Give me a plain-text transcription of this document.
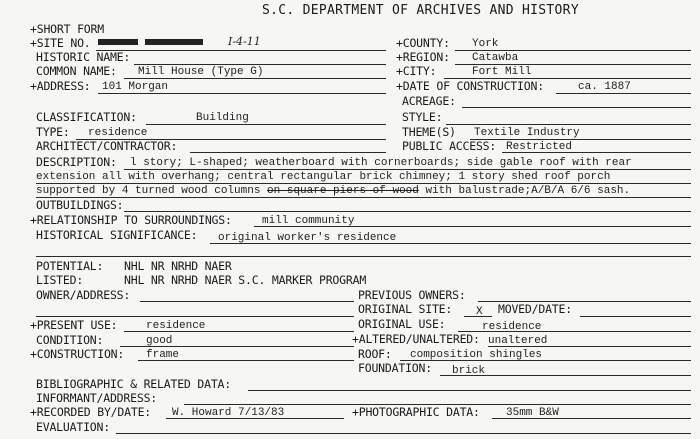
S.C. DEPARTMENT OF ARCHIVES AND HISTORY
+SHORT FORM
+SITE NO.
	I-4-11	+COUNTY: York
HISTORIC NAME:	+REGION: Catawba
COMMON NAME: Mill House (Type G)	+CITY:	Fort Mill
+ADDRESS: 101 Morgan	+DATE OF CONSTRUCTION:	ca. 1887
ACREAGE:
CLASSIFICATION:	Building	STYLE:
TYPE: residence	THEME(S) Textile Industry
ARCHITECT/CONTRACTOR:	PUBLIC ACCESS: Restricted
DESCRIPTION: l story; L-shaped; weatherboard with cornerboards; side gable roof with rear
extension all with overhang; central rectangular brick chimney; 1 story shed roof porch
supported by 4 turned wood columns on square piers of wood with balustrade;A/B/A 6/6 sash.
OUTBUILDINGS:
+RELATIONSHIP TO SURROUNDINGS:	mill community
HISTORICAL SIGNIFICANCE: original worker's residence
POTENTIAL: NHL NR NRHD NAER
LISTED:	NHL NR NRHD NAER S.C. MARKER PROGRAM
OWNER/ADDRESS:	PREVIOUS OWNERS:
ORIGINAL SITE: X MOVED/DATE:
+PRESENT USE:	residence	ORIGINAL USE:	residence
CONDITION:	good	+ALTERED/UNALTERED: unaltered
+CONSTRUCTION: frame	ROOF: composition shingles
FOUNDATION: brick
BIBLIOGRAPHIC & RELATED DATA:
INFORMANT/ADDRESS:
+RECORDED BY/DATE: W. Howard 7/13/83	+PHOTOGRAPHIC DATA: 35mm B&W
EVALUATION:
